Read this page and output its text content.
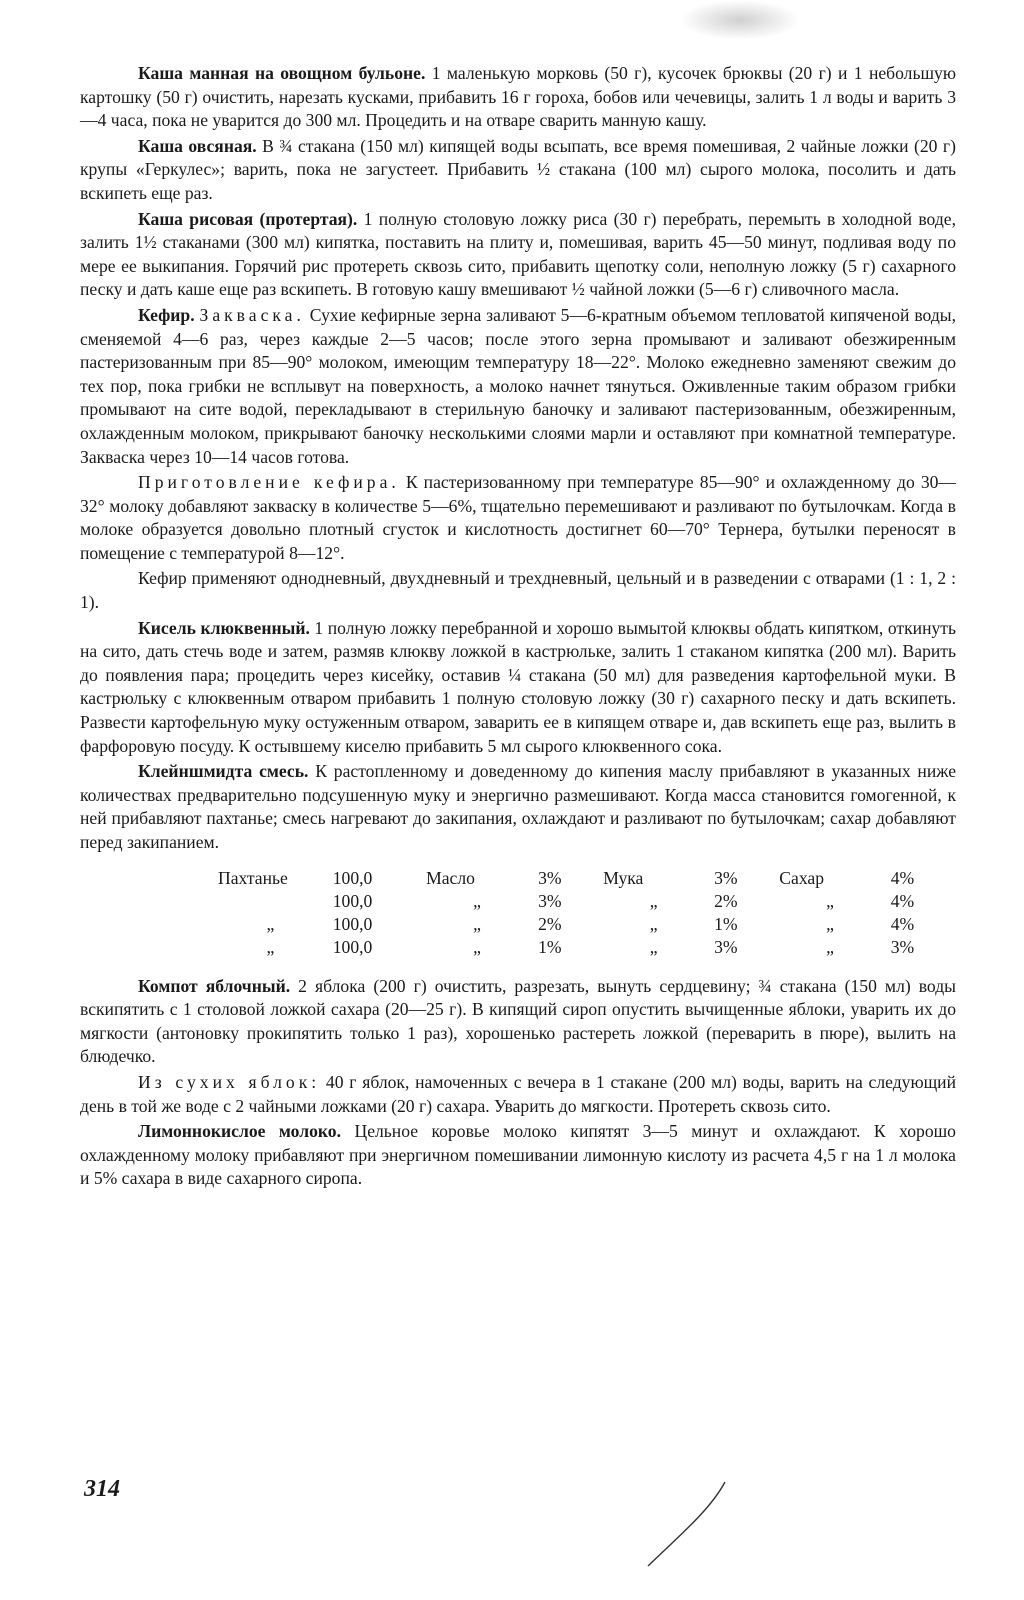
Каша манная на овощном бульоне. 1 маленькую морковь (50 г), кусочек брюквы (20 г) и 1 небольшую картошку (50 г) очистить, нарезать кусками, прибавить 16 г гороха, бобов или чечевицы, залить 1 л воды и варить 3—4 часа, пока не уварится до 300 мл. Процедить и на отваре сварить манную кашу.

Каша овсяная. В ¾ стакана (150 мл) кипящей воды всыпать, все время помешивая, 2 чайные ложки (20 г) крупы «Геркулес»; варить, пока не загустеет. Прибавить ½ стакана (100 мл) сырого молока, посолить и дать вскипеть еще раз.

Каша рисовая (протертая). 1 полную столовую ложку риса (30 г) перебрать, перемыть в холодной воде, залить 1½ стаканами (300 мл) кипятка, поставить на плиту и, помешивая, варить 45—50 минут, подливая воду по мере ее выкипания. Горячий рис протереть сквозь сито, прибавить щепотку соли, неполную ложку (5 г) сахарного песку и дать каше еще раз вскипеть. В готовую кашу вмешивают ½ чайной ложки (5—6 г) сливочного масла.

Кефир. Закваска. Сухие кефирные зерна заливают 5—6-кратным объемом тепловатой кипяченой воды, сменяемой 4—6 раз, через каждые 2—5 часов; после этого зерна промывают и заливают обезжиренным пастеризованным при 85—90° молоком, имеющим температуру 18—22°. Молоко ежедневно заменяют свежим до тех пор, пока грибки не всплывут на поверхность, а молоко начнет тянуться. Оживленные таким образом грибки промывают на сите водой, перекладывают в стерильную баночку и заливают пастеризованным, обезжиренным, охлажденным молоком, прикрывают баночку несколькими слоями марли и оставляют при комнатной температуре. Закваска через 10—14 часов готова.

Приготовление кефира. К пастеризованному при температуре 85—90° и охлажденному до 30—32° молоку добавляют закваску в количестве 5—6%, тщательно перемешивают и разливают по бутылочкам. Когда в молоке образуется довольно плотный сгусток и кислотность достигнет 60—70° Тернера, бутылки переносят в помещение с температурой 8—12°.

Кефир применяют однодневный, двухдневный и трехдневный, цельный и в разведении с отварами (1 : 1, 2 : 1).

Кисель клюквенный. 1 полную ложку перебранной и хорошо вымытой клюквы обдать кипятком, откинуть на сито, дать стечь воде и затем, размяв клюкву ложкой в кастрюльке, залить 1 стаканом кипятка (200 мл). Варить до появления пара; процедить через кисейку, оставив ¼ стакана (50 мл) для разведения картофельной муки. В кастрюльку с клюквенным отваром прибавить 1 полную столовую ложку (30 г) сахарного песку и дать вскипеть. Развести картофельную муку остуженным отваром, заварить ее в кипящем отваре и, дав вскипеть еще раз, вылить в фарфоровую посуду. К остывшему киселю прибавить 5 мл сырого клюквенного сока.

Клейншмидта смесь. К растопленному и доведенному до кипения маслу прибавляют в указанных ниже количествах предварительно подсушенную муку и энергично размешивают. Когда масса становится гомогенной, к ней прибавляют пахтанье; смесь нагревают до закипания, охлаждают и разливают по бутылочкам; сахар добавляют перед закипанием.

Пахтанье	100,0	Масло	3%	Мука	3%	Сахар	4%
	100,0	„	3%	„	2%	„	4%
„	100,0	„	2%	„	1%	„	4%
„	100,0	„	1%	„	3%	„	3%

Компот яблочный. 2 яблока (200 г) очистить, разрезать, вынуть сердцевину; ¾ стакана (150 мл) воды вскипятить с 1 столовой ложкой сахара (20—25 г). В кипящий сироп опустить вычищенные яблоки, уварить их до мягкости (антоновку прокипятить только 1 раз), хорошенько растереть ложкой (переварить в пюре), вылить на блюдечко.

Из сухих яблок: 40 г яблок, намоченных с вечера в 1 стакане (200 мл) воды, варить на следующий день в той же воде с 2 чайными ложками (20 г) сахара. Уварить до мягкости. Протереть сквозь сито.

Лимоннокислое молоко. Цельное коровье молоко кипятят 3—5 минут и охлаждают. К хорошо охлажденному молоку прибавляют при энергичном помешивании лимонную кислоту из расчета 4,5 г на 1 л молока и 5% сахара в виде сахарного сиропа.

314
